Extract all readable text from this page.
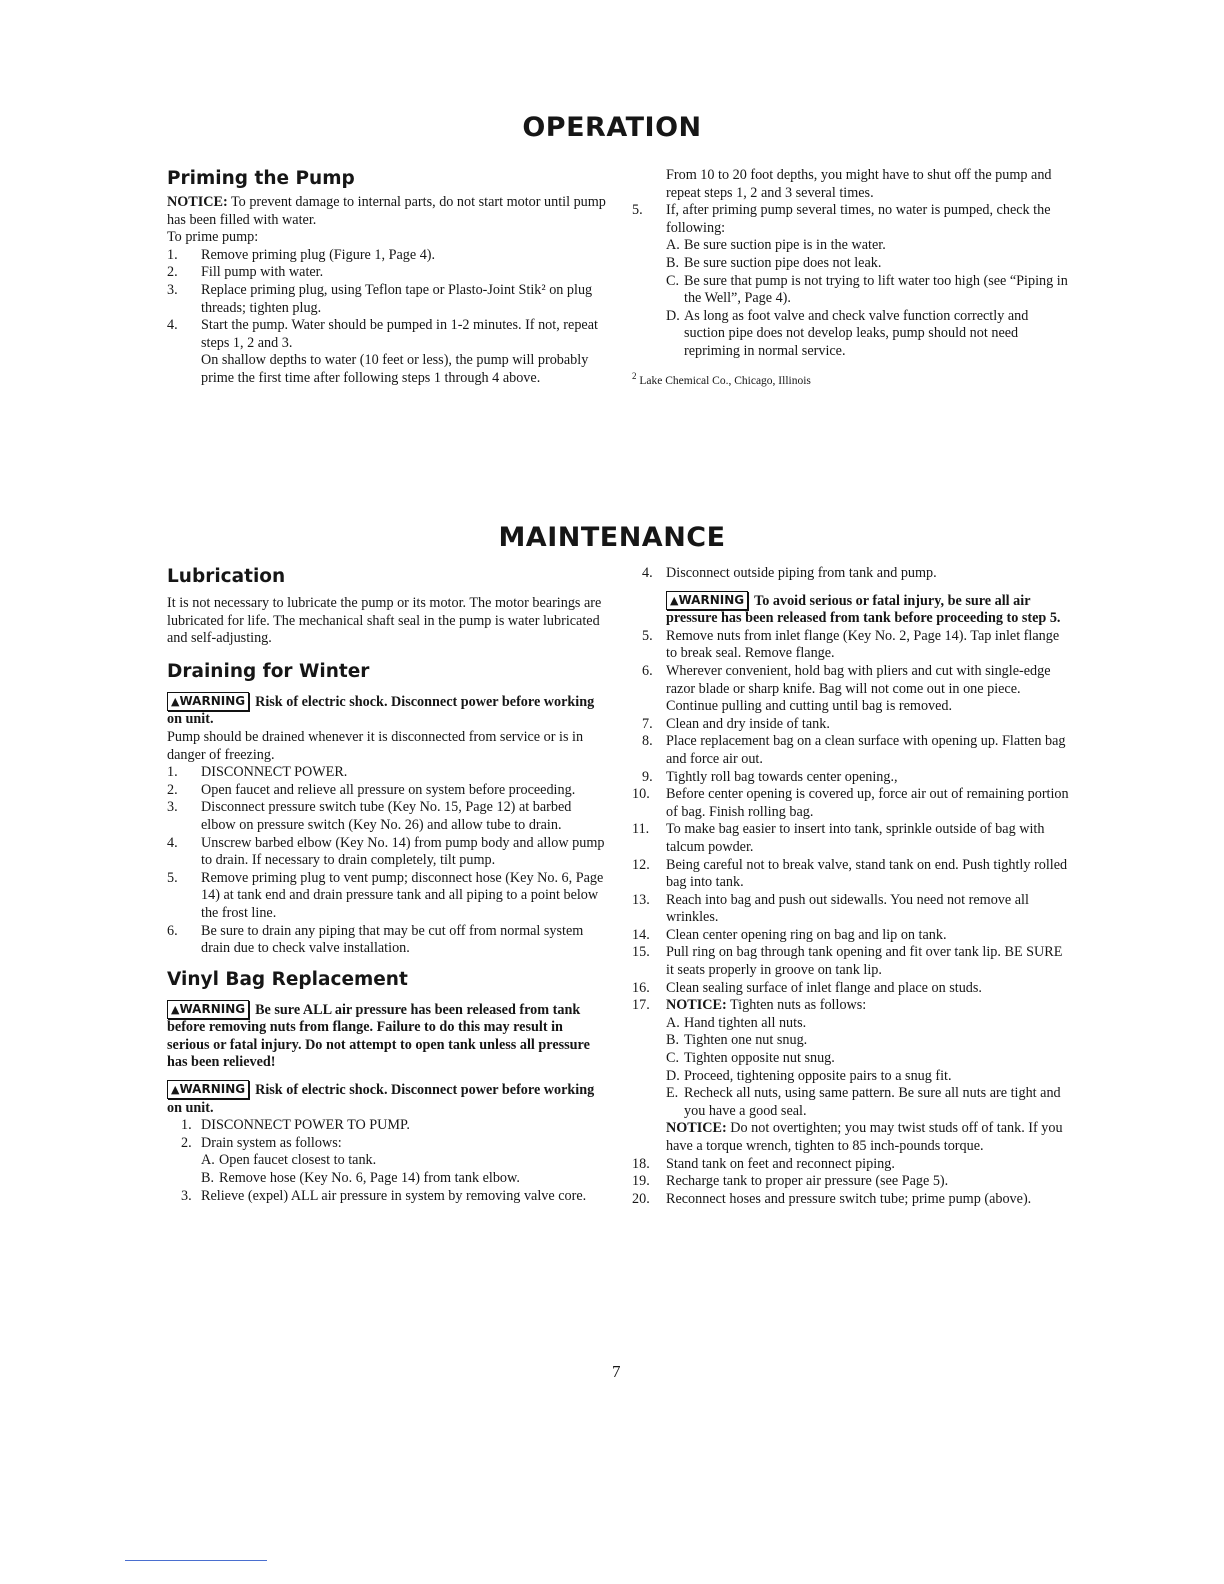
OPERATION
Priming the Pump

NOTICE: To prevent damage to internal parts, do not start motor until pump has been filled with water.

To prime pump:

1.	Remove priming plug (Figure 1, Page 4).
2.	Fill pump with water.
3.	Replace priming plug, using Teflon tape or Plasto-Joint Stik² on plug threads; tighten plug.
4.	Start the pump. Water should be pumped in 1-2 minutes. If not, repeat steps 1, 2 and 3.

On shallow depths to water (10 feet or less), the pump will probably prime the first time after following steps 1 through 4 above.

From 10 to 20 foot depths, you might have to shut off the pump and repeat steps 1, 2 and 3 several times.

5.	If, after priming pump several times, no water is pumped, check the following:
A. Be sure suction pipe is in the water.
B. Be sure suction pipe does not leak.
C. Be sure that pump is not trying to lift water too high (see “Piping in the Well”, Page 4).
D. As long as foot valve and check valve function correctly and suction pipe does not develop leaks, pump should not need repriming in normal service.

$^2$ Lake Chemical Co., Chicago, Illinois

MAINTENANCE
Lubrication

It is not necessary to lubricate the pump or its motor. The motor bearings are lubricated for life. The mechanical shaft seal in the pump is water lubricated and self-adjusting.

Draining for Winter

▲WARNING Risk of electric shock. Disconnect power before working on unit.

Pump should be drained whenever it is disconnected from service or is in danger of freezing.

1.	DISCONNECT POWER.
2.	Open faucet and relieve all pressure on system before proceeding.
3.	Disconnect pressure switch tube (Key No. 15, Page 12) at barbed elbow on pressure switch (Key No. 26) and allow tube to drain.
4.	Unscrew barbed elbow (Key No. 14) from pump body and allow pump to drain. If necessary to drain completely, tilt pump.
5.	Remove priming plug to vent pump; disconnect hose (Key No. 6, Page 14) at tank end and drain pressure tank and all piping to a point below the frost line.
6.	Be sure to drain any piping that may be cut off from normal system drain due to check valve installation.
Vinyl Bag Replacement

▲WARNING Be sure ALL air pressure has been released from tank before removing nuts from flange. Failure to do this may result in serious or fatal injury. Do not attempt to open tank unless all pressure has been relieved!

▲WARNING Risk of electric shock. Disconnect power before working on unit.

1. DISCONNECT POWER TO PUMP.
2. Drain system as follows:
A. Open faucet closest to tank.
B. Remove hose (Key No. 6, Page 14) from tank elbow.
3. Relieve (expel) ALL air pressure in system by removing valve core.
4. Disconnect outside piping from tank and pump.

▲WARNING To avoid serious or fatal injury, be sure all air pressure has been released from tank before proceeding to step 5.

5. Remove nuts from inlet flange (Key No. 2, Page 14). Tap inlet flange to break seal. Remove flange.
6. Wherever convenient, hold bag with pliers and cut with single-edge razor blade or sharp knife. Bag will not come out in one piece. Continue pulling and cutting until bag is removed.
7. Clean and dry inside of tank.
8. Place replacement bag on a clean surface with opening up. Flatten bag and force air out.
9. Tightly roll bag towards center opening.,
10.	Before center opening is covered up, force air out of remaining portion of bag. Finish rolling bag.
11.	To make bag easier to insert into tank, sprinkle outside of bag with talcum powder.
12.	Being careful not to break valve, stand tank on end. Push tightly rolled bag into tank.
13.	Reach into bag and push out sidewalls. You need not remove all wrinkles.
14.	Clean center opening ring on bag and lip on tank.
15.	Pull ring on bag through tank opening and fit over tank lip. BE SURE it seats properly in groove on tank lip.
16.	Clean sealing surface of inlet flange and place on studs.
17.	NOTICE: Tighten nuts as follows:
A. Hand tighten all nuts.
B. Tighten one nut snug.
C. Tighten opposite nut snug.
D. Proceed, tightening opposite pairs to a snug fit.
E. Recheck all nuts, using same pattern. Be sure all nuts are tight and you have a good seal.

NOTICE: Do not overtighten; you may twist studs off of tank. If you have a torque wrench, tighten to 85 inch-pounds torque.

18.	Stand tank on feet and reconnect piping.
19.	Recharge tank to proper air pressure (see Page 5).
20.	Reconnect hoses and pressure switch tube; prime pump (above).
7
